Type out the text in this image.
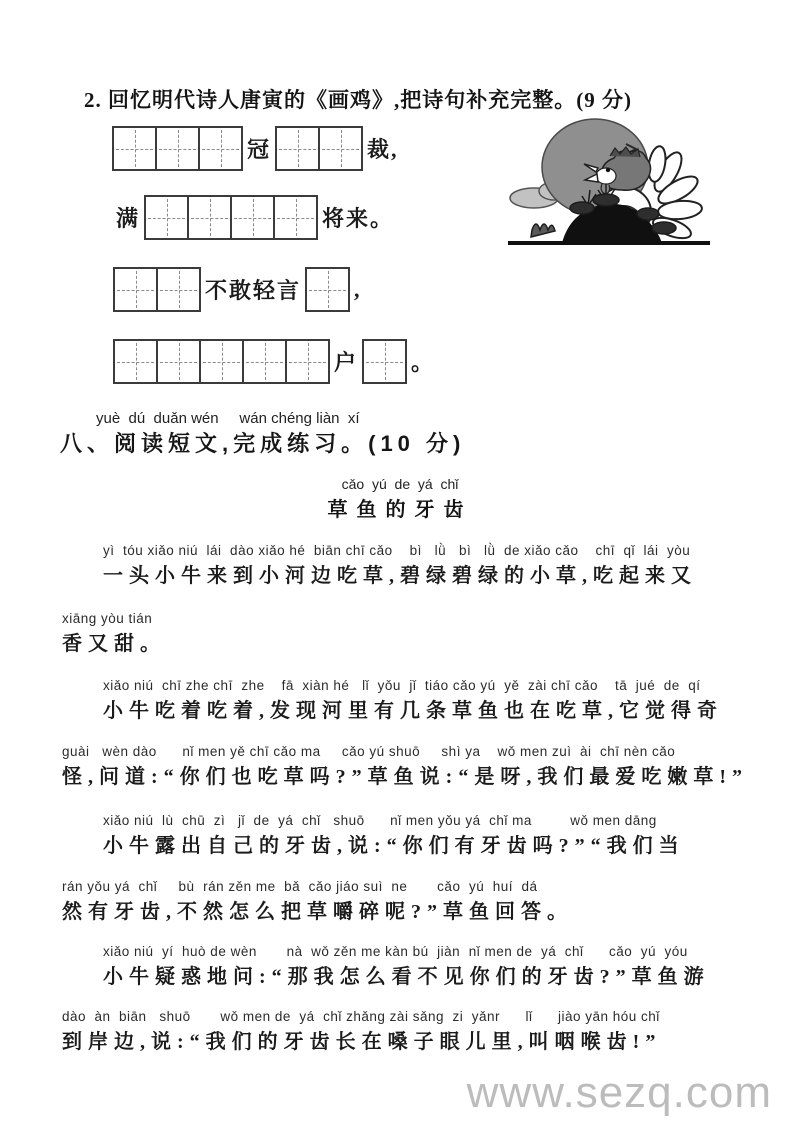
2. 回忆明代诗人唐寅的《画鸡》,把诗句补充完整。(9 分)
冠	裁,
满	将来。
不敢轻言 ,
户 。
yuè  dú  duǎn wén     wán chéng liàn  xí
八、阅读短文,完成练习。(10 分)
cǎo  yú  de  yá  chǐ
草鱼的牙齿
yì  tóu xiǎo niú  lái  dào xiǎo hé  biān chī cǎo    bì   lǜ   bì   lǜ  de xiǎo cǎo    chī  qǐ  lái  yòu
一头小牛来到小河边吃草,碧绿碧绿的小草,吃起来又
xiāng yòu tián
香又甜。
xiǎo niú  chī zhe chī  zhe    fā  xiàn hé   lǐ  yǒu  jǐ  tiáo cǎo yú  yě  zài chī cǎo    tā  jué  de  qí
小牛吃着吃着,发现河里有几条草鱼也在吃草,它觉得奇
guài   wèn dào      nǐ men yě chī cǎo ma     cǎo yú shuō     shì ya    wǒ men zuì  ài  chī nèn cǎo
怪,问道:“你们也吃草吗?”草鱼说:“是呀,我们最爱吃嫩草!”
xiǎo niú  lù  chū  zì   jǐ  de  yá  chǐ   shuō      nǐ men yǒu yá  chǐ ma         wǒ men dāng
小牛露出自己的牙齿,说:“你们有牙齿吗?”“我们当
rán yǒu yá  chǐ     bù  rán zěn me  bǎ  cǎo jiáo suì  ne       cǎo  yú  huí  dá
然有牙齿,不然怎么把草嚼碎呢?”草鱼回答。
xiǎo niú  yí  huò de wèn       nà  wǒ zěn me kàn bú  jiàn  nǐ men de  yá  chǐ      cǎo  yú  yóu
小牛疑惑地问:“那我怎么看不见你们的牙齿?”草鱼游
dào  àn  biān   shuō       wǒ men de  yá  chǐ zhǎng zài sǎng  zi  yǎnr      lǐ      jiào yān hóu chǐ
到岸边,说:“我们的牙齿长在嗓子眼儿里,叫咽喉齿!”
www.sezq.com
